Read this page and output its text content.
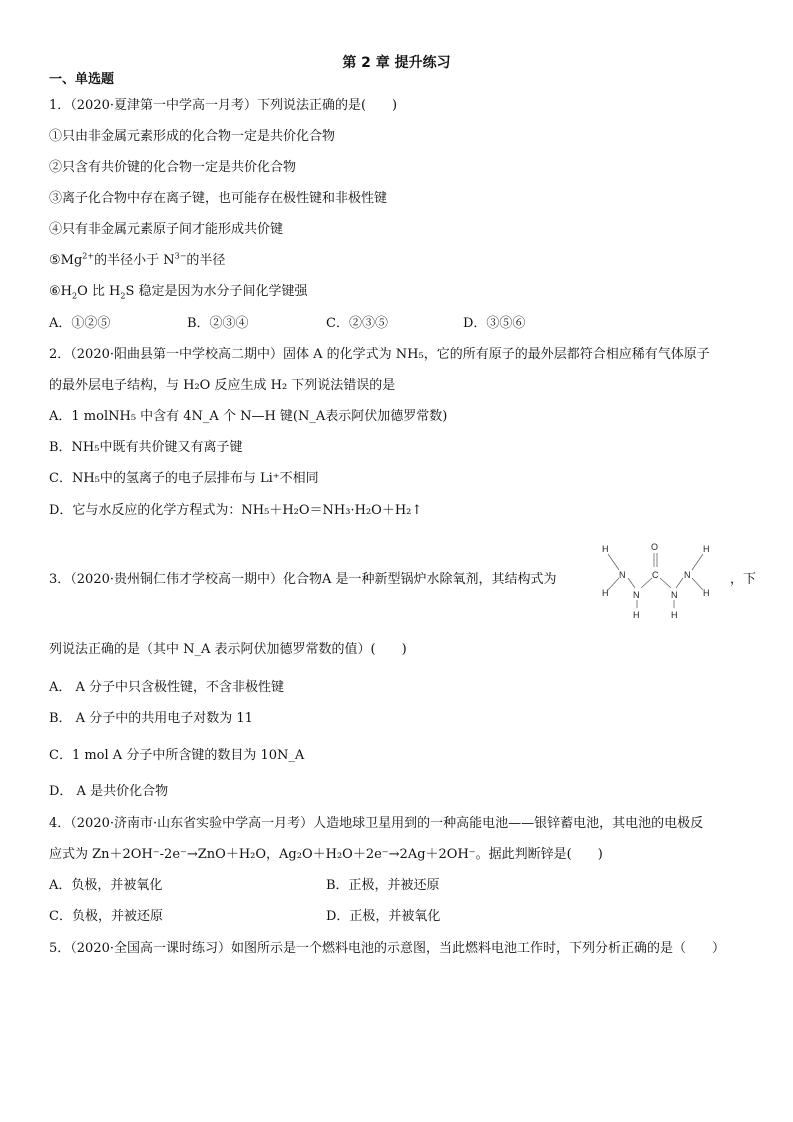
第 2 章 提升练习
一、单选题
1．（2020·夏津第一中学高一月考）下列说法正确的是(　　)
①只由非金属元素形成的化合物一定是共价化合物
②只含有共价键的化合物一定是共价化合物
③离子化合物中存在离子键，也可能存在极性键和非极性键
④只有非金属元素原子间才能形成共价键
$⑤Mg^{2+}$的半径小于 $N^{3-}$的半径
$⑥H_2O$ 比 $H_2S$ 稳定是因为水分子间化学键强
A．①②⑤	B．②③④	C．②③⑤	D．③⑤⑥
2．（2020·阳曲县第一中学校高二期中）固体 A 的化学式为 NH₅，它的所有原子的最外层都符合相应稀有气体原子
的最外层电子结构，与 H₂O 反应生成 H₂ 下列说法错误的是
A．1 molNH₅ 中含有 4N_A 个 N—H 键(N_A表示阿伏加德罗常数)
B．NH₅中既有共价键又有离子键
C．NH₅中的氢离子的电子层排布与 Li⁺不相同
D．它与水反应的化学方程式为：NH₅＋H₂O＝NH₃·H₂O＋H₂↑
3．（2020·贵州铜仁伟才学校高一期中）化合物A 是一种新型锅炉水除氧剂，其结构式为	，下
O
C
N
N	N
N
H
H
H	H
H
H
列说法正确的是（其中 N_A 表示阿伏加德罗常数的值）(　　)
A． A 分子中只含极性键，不含非极性键
B． A 分子中的共用电子对数为 11
C．1 mol A 分子中所含键的数目为 10N_A
D． A 是共价化合物
4．（2020·济南市·山东省实验中学高一月考）人造地球卫星用到的一种高能电池——银锌蓄电池，其电池的电极反
应式为 Zn＋2OH⁻-2e⁻→ZnO＋H₂O，Ag₂O＋H₂O＋2e⁻→2Ag＋2OH⁻。据此判断锌是(　　)
A．负极，并被氧化	B．正极，并被还原
C．负极，并被还原	D．正极，并被氧化
5．（2020·全国高一课时练习）如图所示是一个燃料电池的示意图，当此燃料电池工作时，下列分析正确的是（　　）
